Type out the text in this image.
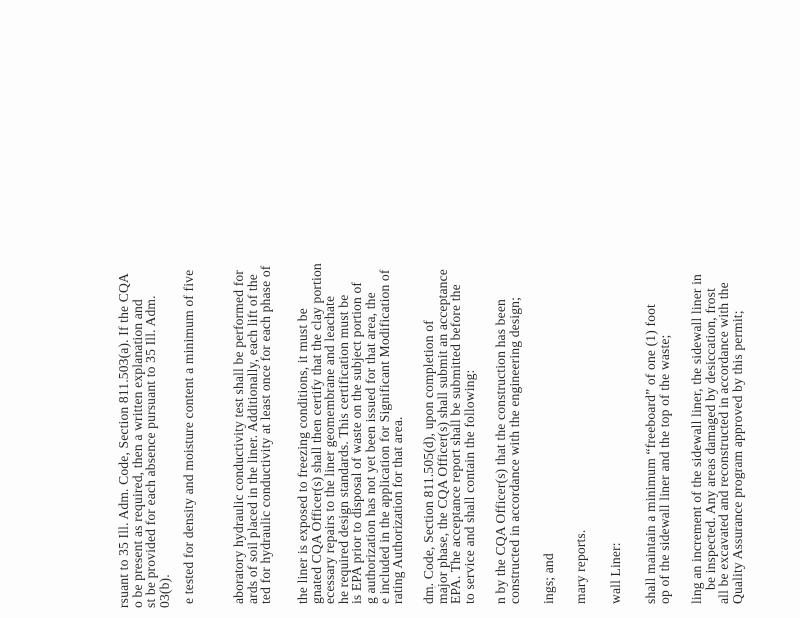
rsuant to 35 Ill. Adm. Code, Section 811.503(a). If the CQA
o be present as required, then a written explanation and
st be provided for each absence pursuant to 35 Ill. Adm.
03(b). e tested for density and moisture content a minimum of five	aboratory hydraulic conductivity test shall be performed for
ards of soil placed in the liner. Additionally, each lift of the
ted for hydraulic conductivity at least once for each phase of the liner is exposed to freezing conditions, it must be
gnated CQA Officer(s) shall then certify that the clay portion
ecessary repairs to the liner geomembrane and leachate
he required design standards. This certification must be
is EPA prior to disposal of waste on the subject portion of
g authorization has not yet been issued for that area, the
e included in the application for Significant Modification of
rating Authorization for that area. dm. Code, Section 811.505(d), upon completion of
major phase, the CQA Officer(s) shall submit an acceptance
EPA. The acceptance report shall be submitted before the
to service and shall contain the following: n by the CQA Officer(s) that the construction has been
constructed in accordance with the engineering design; ings; and mary reports. wall Liner: shall maintain a minimum “freeboard” of one (1) foot
op of the sidewall liner and the top of the waste; ling an increment of the sidewall liner, the sidewall liner in
be inspected. Any areas damaged by desiccation, frost
all be excavated and reconstructed in accordance with the
Quality Assurance program approved by this permit;
